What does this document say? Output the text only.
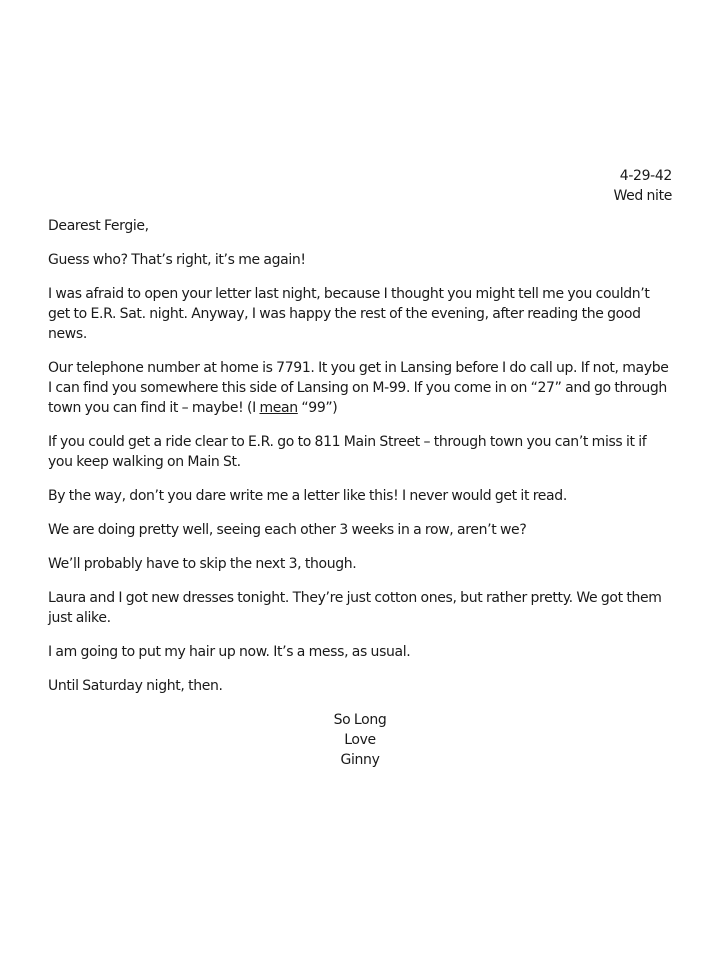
4-29-42
Wed nite
Dearest Fergie,

Guess who? That’s right, it’s me again!

I was afraid to open your letter last night, because I thought you might tell me you couldn’t get to E.R. Sat. night. Anyway, I was happy the rest of the evening, after reading the good news.

Our telephone number at home is 7791. It you get in Lansing before I do call up. If not, maybe I can find you somewhere this side of Lansing on M-99. If you come in on “27” and go through town you can find it – maybe! (I mean “99”)

If you could get a ride clear to E.R. go to 811 Main Street – through town you can’t miss it if you keep walking on Main St.

By the way, don’t you dare write me a letter like this! I never would get it read.

We are doing pretty well, seeing each other 3 weeks in a row, aren’t we?

We’ll probably have to skip the next 3, though.

Laura and I got new dresses tonight. They’re just cotton ones, but rather pretty. We got them just alike.

I am going to put my hair up now. It’s a mess, as usual.

Until Saturday night, then.

So Long
Love
Ginny
